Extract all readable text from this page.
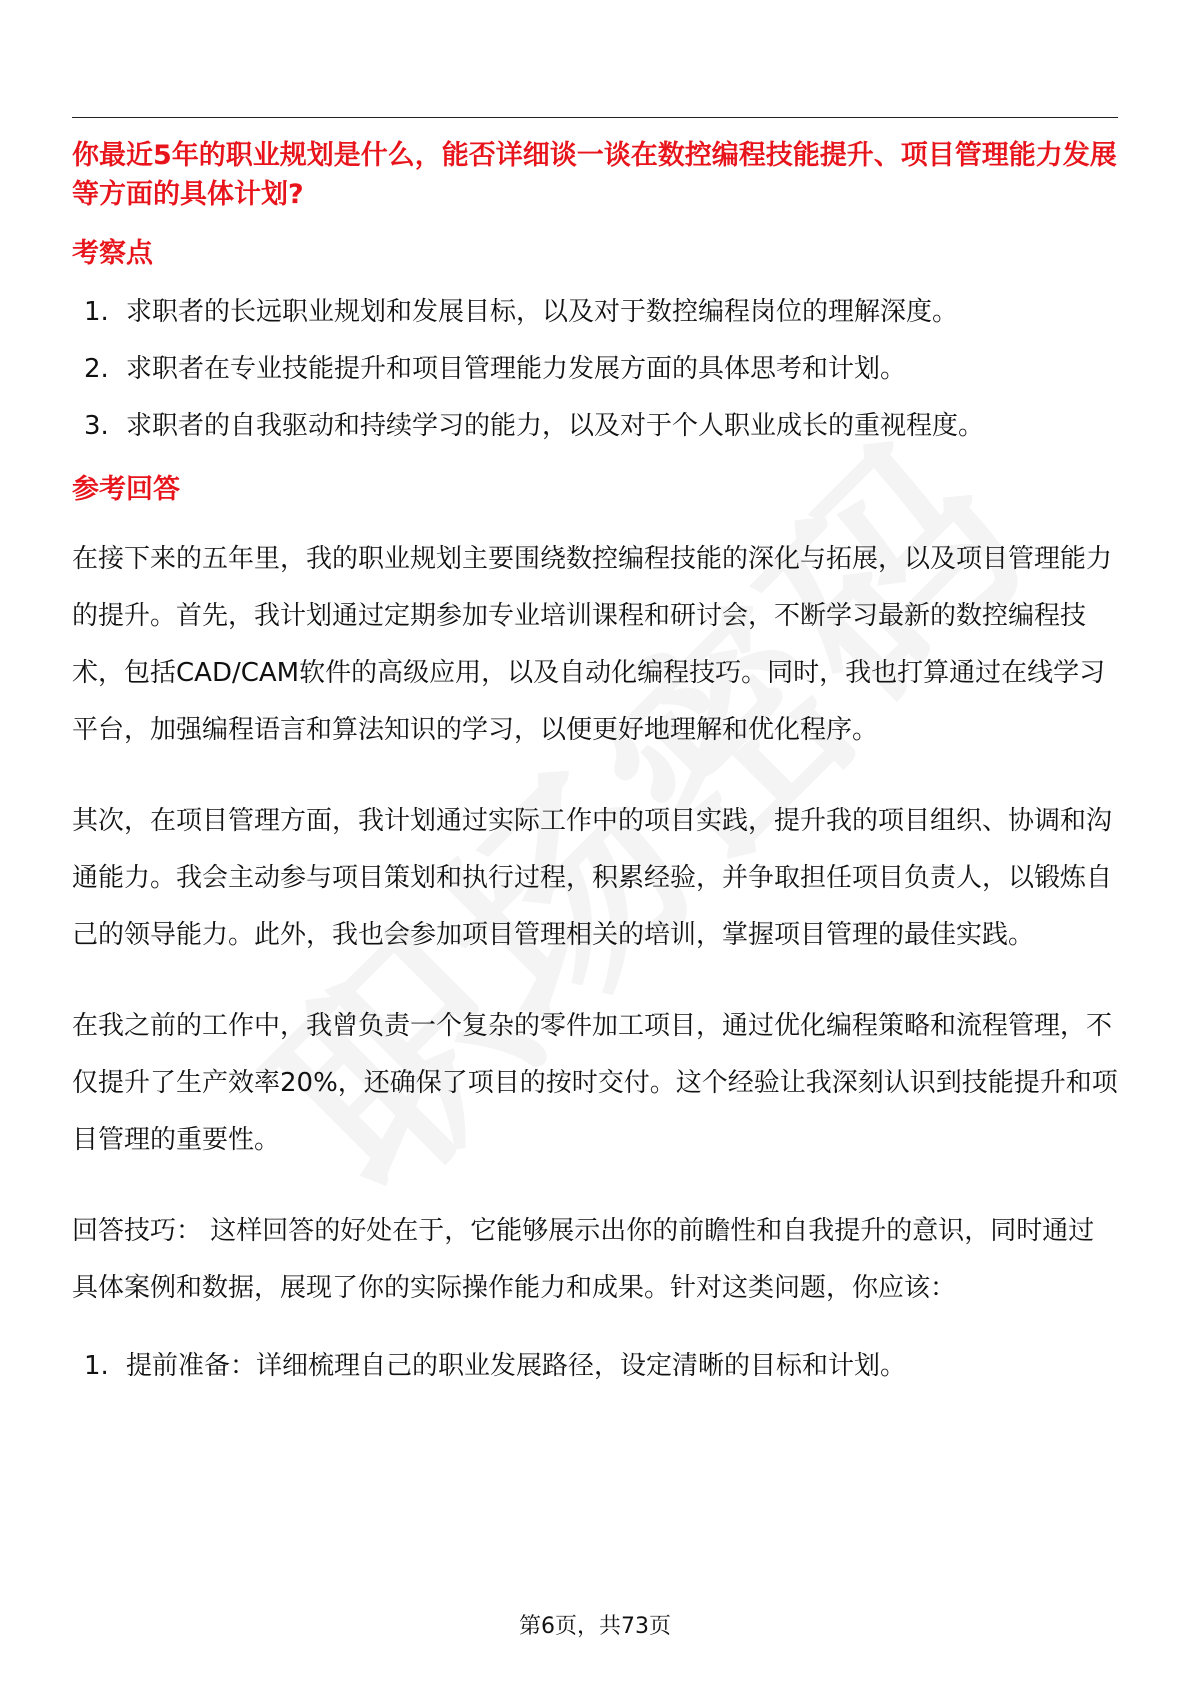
你最近5年的职业规划是什么，能否详细谈一谈在数控编程技能提升、项目管理能力发展等方面的具体计划?

考察点
1. 求职者的长远职业规划和发展目标，以及对于数控编程岗位的理解深度。
2. 求职者在专业技能提升和项目管理能力发展方面的具体思考和计划。
3. 求职者的自我驱动和持续学习的能力，以及对于个人职业成长的重视程度。
参考回答

在接下来的五年里，我的职业规划主要围绕数控编程技能的深化与拓展，以及项目管理能力的提升。首先，我计划通过定期参加专业培训课程和研讨会，不断学习最新的数控编程技术，包括CAD/CAM软件的高级应用，以及自动化编程技巧。同时，我也打算通过在线学习平台，加强编程语言和算法知识的学习，以便更好地理解和优化程序。

其次，在项目管理方面，我计划通过实际工作中的项目实践，提升我的项目组织、协调和沟通能力。我会主动参与项目策划和执行过程，积累经验，并争取担任项目负责人，以锻炼自己的领导能力。此外，我也会参加项目管理相关的培训，掌握项目管理的最佳实践。

在我之前的工作中，我曾负责一个复杂的零件加工项目，通过优化编程策略和流程管理，不仅提升了生产效率20%，还确保了项目的按时交付。这个经验让我深刻认识到技能提升和项目管理的重要性。

回答技巧： 这样回答的好处在于，它能够展示出你的前瞻性和自我提升的意识，同时通过具体案例和数据，展现了你的实际操作能力和成果。针对这类问题，你应该：

1. 提前准备：详细梳理自己的职业发展路径，设定清晰的目标和计划。
第6页，共73页
